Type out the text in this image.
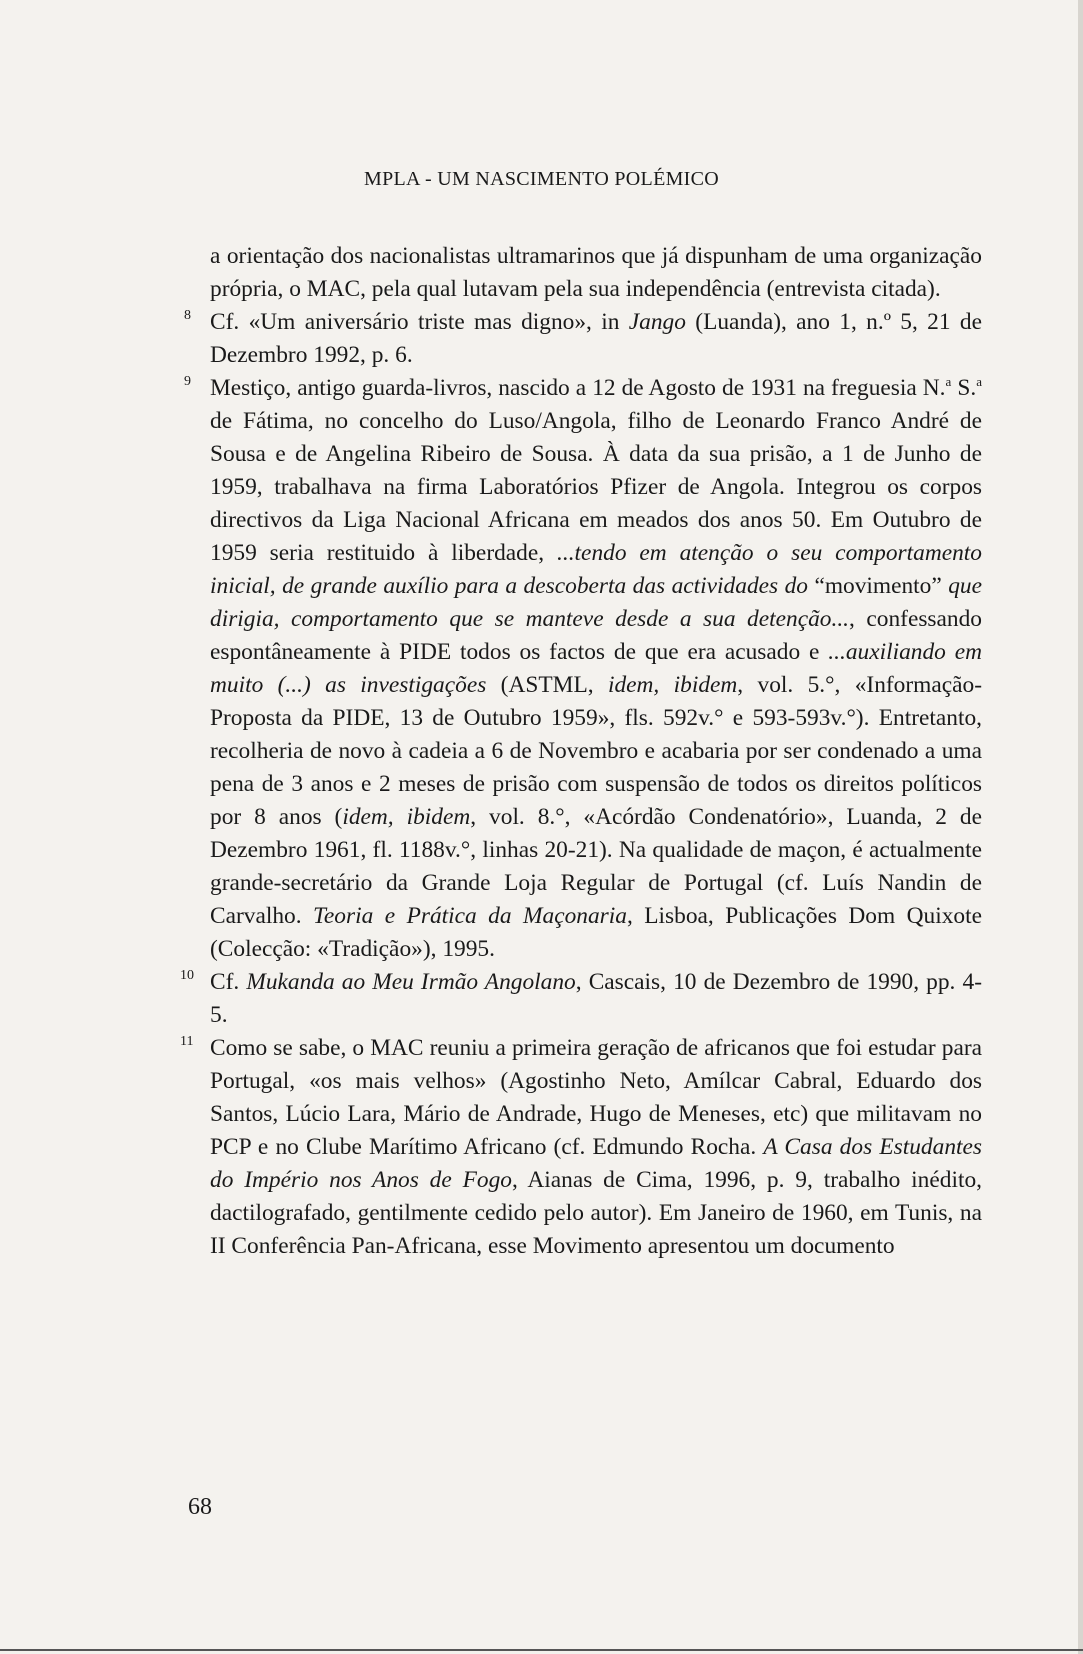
MPLA - UM NASCIMENTO POLÉMICO

a orientação dos nacionalistas ultramarinos que já dispunham de uma organização própria, o MAC, pela qual lutavam pela sua independência (entrevista citada).

8 Cf. «Um aniversário triste mas digno», in Jango (Luanda), ano 1, n.º 5, 21 de Dezembro 1992, p. 6.

9 Mestiço, antigo guarda-livros, nascido a 12 de Agosto de 1931 na freguesia N.$^a$ S.$^a$ de Fátima, no concelho do Luso/Angola, filho de Leonardo Franco André de Sousa e de Angelina Ribeiro de Sousa. À data da sua prisão, a 1 de Junho de 1959, trabalhava na firma Laboratórios Pfizer de Angola. Integrou os corpos directivos da Liga Nacional Africana em meados dos anos 50. Em Outubro de 1959 seria restituido à liberdade, ...tendo em atenção o seu comportamento inicial, de grande auxílio para a descoberta das actividades do “movimento” que dirigia, comportamento que se manteve desde a sua detenção..., confessando espontâneamente à PIDE todos os factos de que era acusado e ...auxiliando em muito (...) as investigações (ASTML, idem, ibidem, vol. 5.°, «Informação-Proposta da PIDE, 13 de Outubro 1959», fls. 592v.° e 593-593v.°). Entretanto, recolheria de novo à cadeia a 6 de Novembro e acabaria por ser condenado a uma pena de 3 anos e 2 meses de prisão com suspensão de todos os direitos políticos por 8 anos (idem, ibidem, vol. 8.°, «Acórdão Condenatório», Luanda, 2 de Dezembro 1961, fl. 1188v.°, linhas 20-21). Na qualidade de maçon, é actualmente grande-secretário da Grande Loja Regular de Portugal (cf. Luís Nandin de Carvalho. Teoria e Prática da Maçonaria, Lisboa, Publicações Dom Quixote (Colecção: «Tradição»), 1995.

10 Cf. Mukanda ao Meu Irmão Angolano, Cascais, 10 de Dezembro de 1990, pp. 4-5.

11 Como se sabe, o MAC reuniu a primeira geração de africanos que foi estudar para Portugal, «os mais velhos» (Agostinho Neto, Amílcar Cabral, Eduardo dos Santos, Lúcio Lara, Mário de Andrade, Hugo de Meneses, etc) que militavam no PCP e no Clube Marítimo Africano (cf. Edmundo Rocha. A Casa dos Estudantes do Império nos Anos de Fogo, Aianas de Cima, 1996, p. 9, trabalho inédito, dactilografado, gentilmente cedido pelo autor). Em Janeiro de 1960, em Tunis, na II Conferência Pan-Africana, esse Movimento apresentou um documento

68
